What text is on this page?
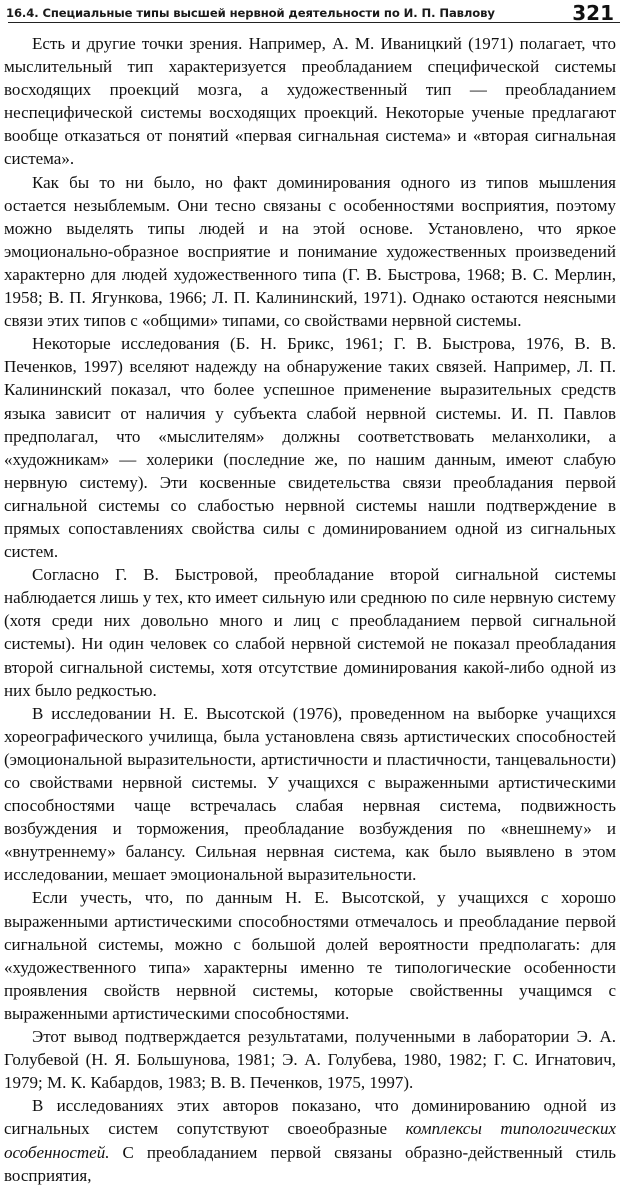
16.4. Специальные типы высшей нервной деятельности по И. П. Павлову	321

Есть и другие точки зрения. Например, А. М. Иваницкий (1971) полагает, что мыслительный тип характеризуется преобладанием специфической системы восходящих проекций мозга, а художественный тип — преобладанием неспецифической системы восходящих проекций. Некоторые ученые предлагают вообще отказаться от понятий «первая сигнальная система» и «вторая сигнальная система».

Как бы то ни было, но факт доминирования одного из типов мышления остается незыблемым. Они тесно связаны с особенностями восприятия, поэтому можно выделять типы людей и на этой основе. Установлено, что яркое эмоционально-образное восприятие и понимание художественных произведений характерно для людей художественного типа (Г. В. Быстрова, 1968; В. С. Мерлин, 1958; В. П. Ягункова, 1966; Л. П. Калининский, 1971). Однако остаются неясными связи этих типов с «общими» типами, со свойствами нервной системы.

Некоторые исследования (Б. Н. Брикс, 1961; Г. В. Быстрова, 1976, В. В. Печенков, 1997) вселяют надежду на обнаружение таких связей. Например, Л. П. Калининский показал, что более успешное применение выразительных средств языка зависит от наличия у субъекта слабой нервной системы. И. П. Павлов предполагал, что «мыслителям» должны соответствовать меланхолики, а «художникам» — холерики (последние же, по нашим данным, имеют слабую нервную систему). Эти косвенные свидетельства связи преобладания первой сигнальной системы со слабостью нервной системы нашли подтверждение в прямых сопоставлениях свойства силы с доминированием одной из сигнальных систем.

Согласно Г. В. Быстровой, преобладание второй сигнальной системы наблюдается лишь у тех, кто имеет сильную или среднюю по силе нервную систему (хотя среди них довольно много и лиц с преобладанием первой сигнальной системы). Ни один человек со слабой нервной системой не показал преобладания второй сигнальной системы, хотя отсутствие доминирования какой-либо одной из них было редкостью.

В исследовании Н. Е. Высотской (1976), проведенном на выборке учащихся хореографического училища, была установлена связь артистических способностей (эмоциональной выразительности, артистичности и пластичности, танцевальности) со свойствами нервной системы. У учащихся с выраженными артистическими способностями чаще встречалась слабая нервная система, подвижность возбуждения и торможения, преобладание возбуждения по «внешнему» и «внутреннему» балансу. Сильная нервная система, как было выявлено в этом исследовании, мешает эмоциональной выразительности.

Если учесть, что, по данным Н. Е. Высотской, у учащихся с хорошо выраженными артистическими способностями отмечалось и преобладание первой сигнальной системы, можно с большой долей вероятности предполагать: для «художественного типа» характерны именно те типологические особенности проявления свойств нервной системы, которые свойственны учащимся с выраженными артистическими способностями.

Этот вывод подтверждается результатами, полученными в лаборатории Э. А. Голубевой (Н. Я. Большунова, 1981; Э. А. Голубева, 1980, 1982; Г. С. Игнатович, 1979; М. К. Кабардов, 1983; В. В. Печенков, 1975, 1997).

В исследованиях этих авторов показано, что доминированию одной из сигнальных систем сопутствуют своеобразные комплексы типологических особенностей. С преобладанием первой связаны образно-действенный стиль восприятия,
